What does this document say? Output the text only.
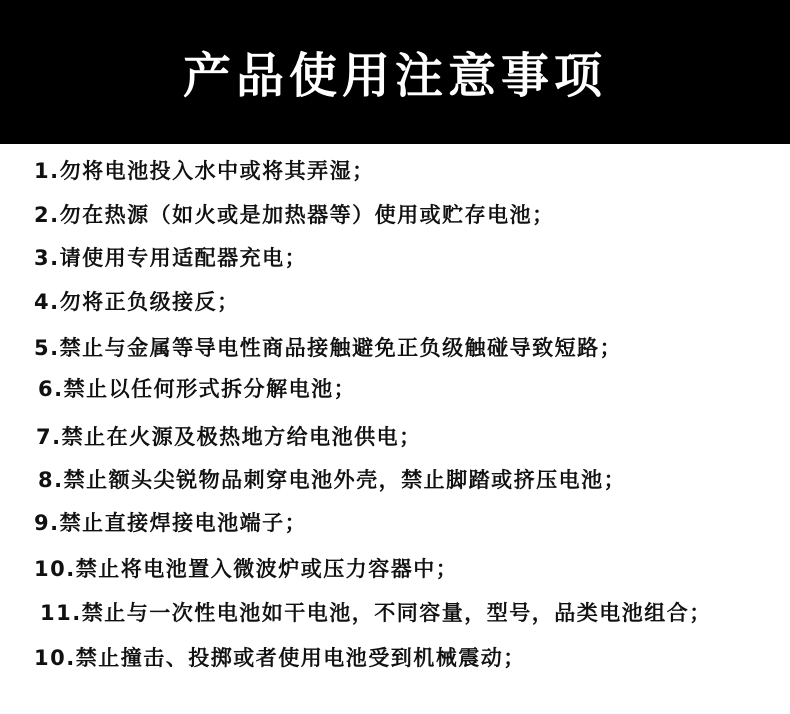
产品使用注意事项
1.勿将电池投入水中或将其弄湿；
2.勿在热源（如火或是加热器等）使用或贮存电池；
3.请使用专用适配器充电；
4.勿将正负级接反；
5.禁止与金属等导电性商品接触避免正负级触碰导致短路；
6.禁止以任何形式拆分解电池；
7.禁止在火源及极热地方给电池供电；
8.禁止额头尖锐物品刺穿电池外壳，禁止脚踏或挤压电池；
9.禁止直接焊接电池端子；
10.禁止将电池置入微波炉或压力容器中；
11.禁止与一次性电池如干电池，不同容量，型号，品类电池组合；
10.禁止撞击、投掷或者使用电池受到机械震动；
